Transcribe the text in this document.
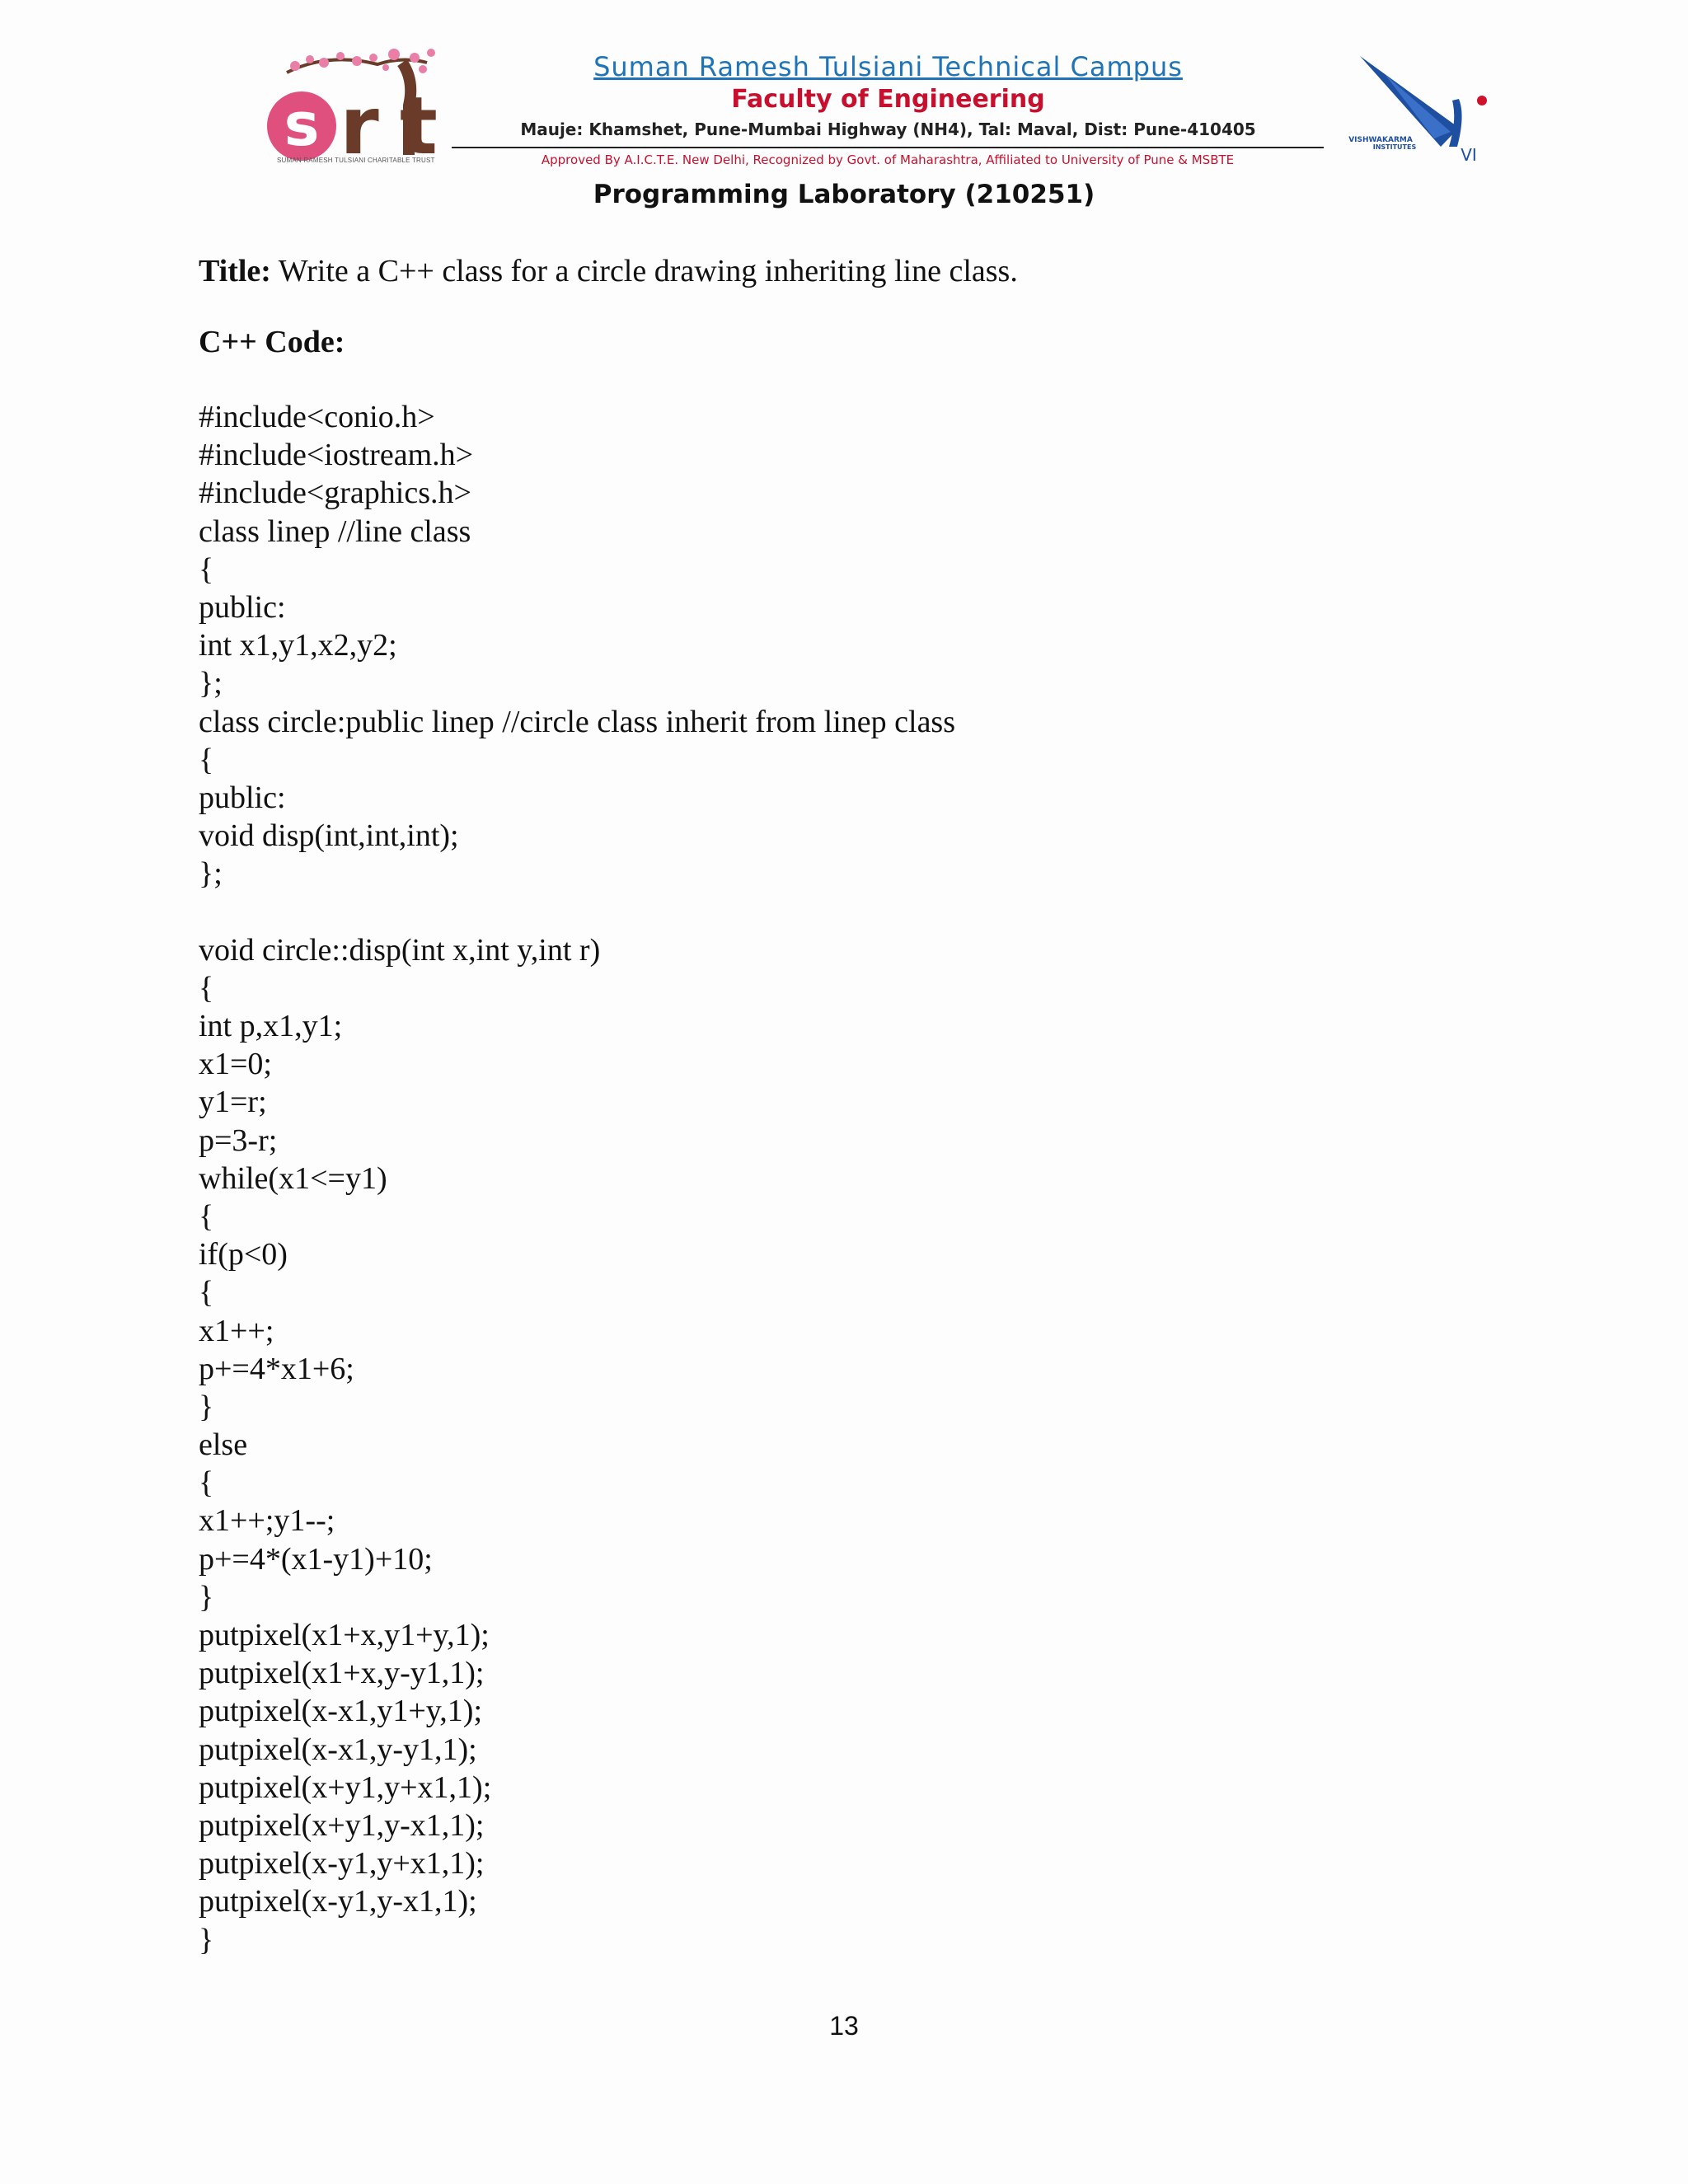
s r t
SUMAN RAMESH TULSIANI CHARITABLE TRUST
Suman Ramesh Tulsiani Technical Campus
Faculty of Engineering
Mauje: Khamshet, Pune-Mumbai Highway (NH4), Tal: Maval, Dist: Pune-410405
Approved By A.I.C.T.E. New Delhi, Recognized by Govt. of Maharashtra, Affiliated to University of Pune & MSBTE
VISHWAKARMA
INSTITUTES	VI
Programming Laboratory (210251)
Title: Write a C++ class for a circle drawing inheriting line class.
C++ Code:
#include<conio.h>
#include<iostream.h>
#include<graphics.h>
class linep //line class
{
public:
int x1,y1,x2,y2;
};
class circle:public linep //circle class inherit from linep class
{
public:
void disp(int,int,int);
};
void circle::disp(int x,int y,int r)
{
int p,x1,y1;
x1=0;
y1=r;
p=3-r;
while(x1<=y1)
{
if(p<0)
{
x1++;
p+=4*x1+6;
}
else
{
x1++;y1--;
p+=4*(x1-y1)+10;
}
putpixel(x1+x,y1+y,1);
putpixel(x1+x,y-y1,1);
putpixel(x-x1,y1+y,1);
putpixel(x-x1,y-y1,1);
putpixel(x+y1,y+x1,1);
putpixel(x+y1,y-x1,1);
putpixel(x-y1,y+x1,1);
putpixel(x-y1,y-x1,1);
}
13
